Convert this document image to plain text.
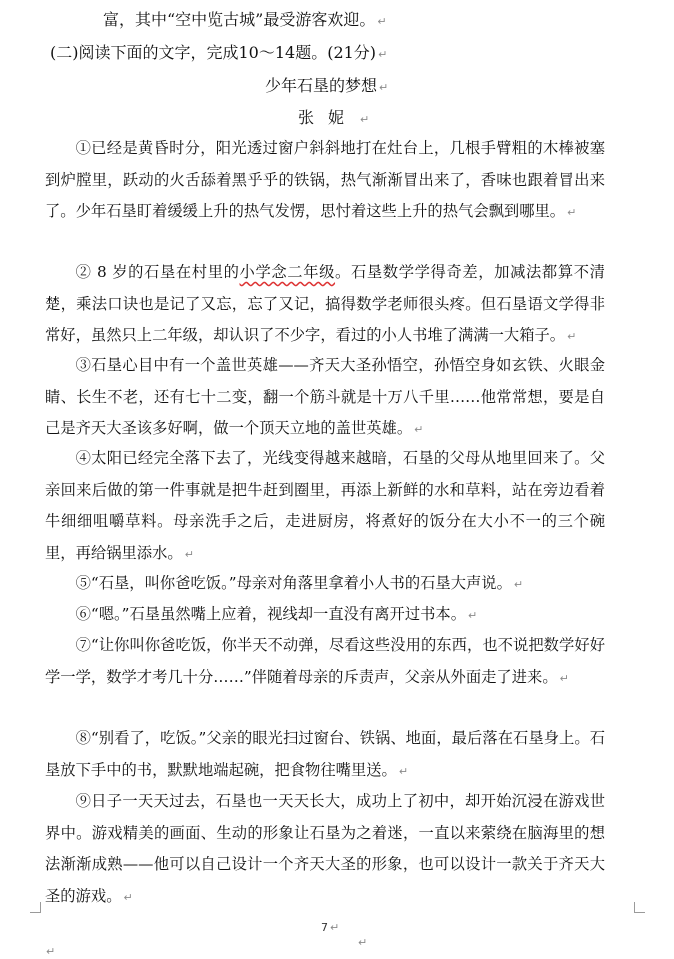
富，其中“空中览古城”最受游客欢迎。 ↵
(二)阅读下面的文字，完成10～14题。(21分) ↵
少年石垦的梦想 ↵
张妮 ↵
①已经是黄昏时分，阳光透过窗户斜斜地打在灶台上，几根手臂粗的木棒被塞到炉膛里，跃动的火舌舔着黑乎乎的铁锅，热气渐渐冒出来了，香味也跟着冒出来了。少年石垦盯着缓缓上升的热气发愣，思忖着这些上升的热气会飘到哪里。 ↵
② 8 岁的石垦在村里的小学念二年级。石垦数学学得奇差，加减法都算不清楚，乘法口诀也是记了又忘，忘了又记，搞得数学老师很头疼。但石垦语文学得非常好，虽然只上二年级，却认识了不少字，看过的小人书堆了满满一大箱子。 ↵
③石垦心目中有一个盖世英雄——齐天大圣孙悟空，孙悟空身如玄铁、火眼金睛、长生不老，还有七十二变，翻一个筋斗就是十万八千里……他常常想，要是自己是齐天大圣该多好啊，做一个顶天立地的盖世英雄。 ↵
④太阳已经完全落下去了，光线变得越来越暗，石垦的父母从地里回来了。父亲回来后做的第一件事就是把牛赶到圈里，再添上新鲜的水和草料，站在旁边看着牛细细咀嚼草料。母亲洗手之后，走进厨房，将煮好的饭分在大小不一的三个碗里，再给锅里添水。 ↵
⑤“石垦，叫你爸吃饭。”母亲对角落里拿着小人书的石垦大声说。 ↵
⑥“嗯。”石垦虽然嘴上应着，视线却一直没有离开过书本。 ↵
⑦“让你叫你爸吃饭，你半天不动弹，尽看这些没用的东西，也不说把数学好好学一学，数学才考几十分……”伴随着母亲的斥责声，父亲从外面走了进来。 ↵
⑧“别看了，吃饭。”父亲的眼光扫过窗台、铁锅、地面，最后落在石垦身上。石垦放下手中的书，默默地端起碗，把食物往嘴里送。 ↵
⑨日子一天天过去，石垦也一天天长大，成功上了初中，却开始沉浸在游戏世界中。游戏精美的画面、生动的形象让石垦为之着迷，一直以来萦绕在脑海里的想法渐渐成熟——他可以自己设计一个齐天大圣的形象，也可以设计一款关于齐天大圣的游戏。 ↵
7 ↵
↵
↵
